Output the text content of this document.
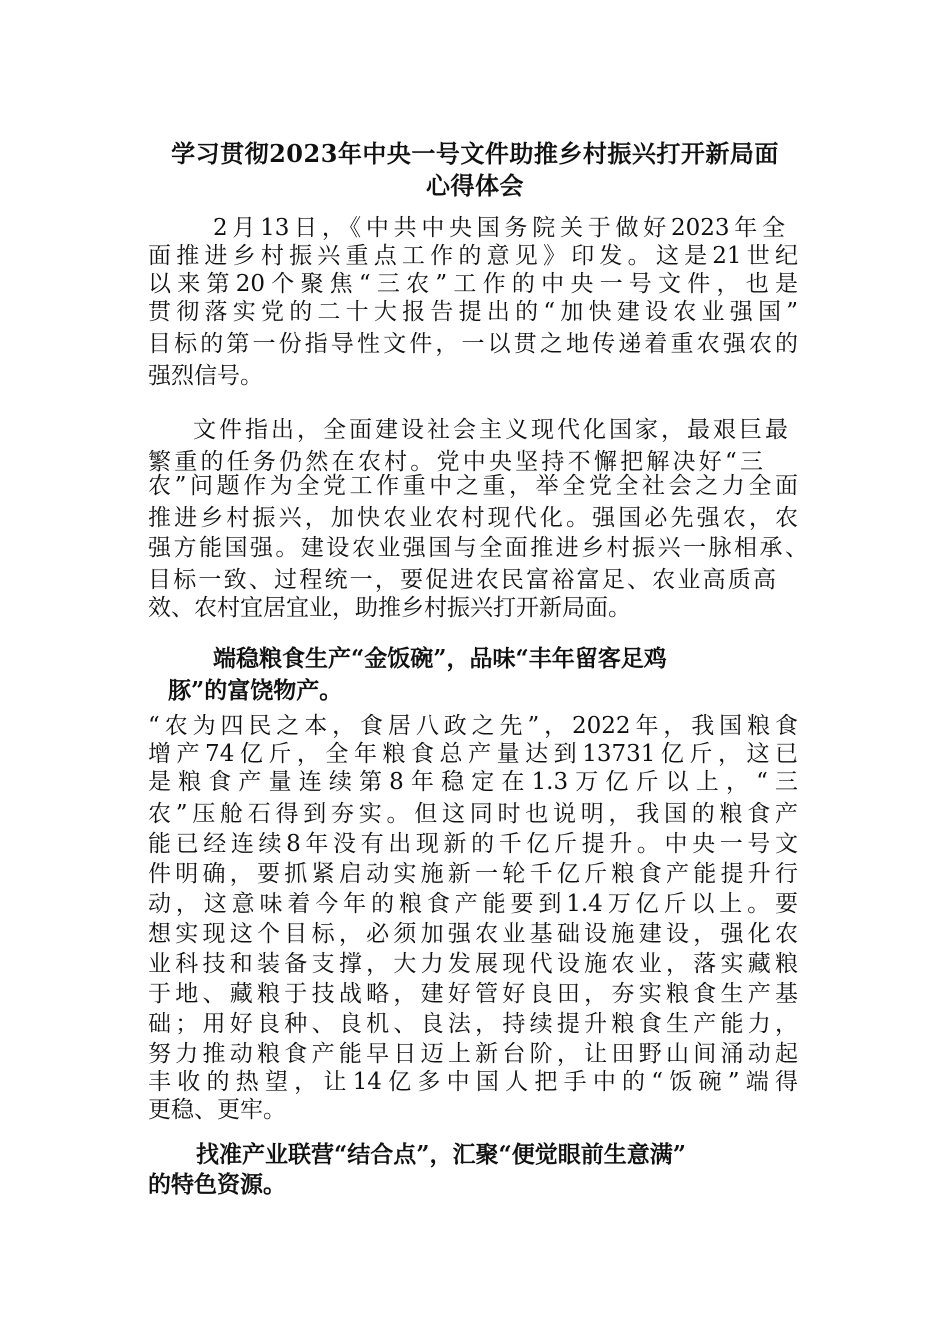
学习贯彻2023年中央一号文件助推乡村振兴打开新局面
心得体会

2月13日，《中共中央国务院关于做好2023年全

面推进乡村振兴重点工作的意见》印发。这是21世纪

以来第20个聚焦“三农”工作的中央一号文件，也是

贯彻落实党的二十大报告提出的“加快建设农业强国”

目标的第一份指导性文件，一以贯之地传递着重农强农的

强烈信号。

文件指出，全面建设社会主义现代化国家，最艰巨最

繁重的任务仍然在农村。党中央坚持不懈把解决好“三

农”问题作为全党工作重中之重，举全党全社会之力全面

推进乡村振兴，加快农业农村现代化。强国必先强农，农

强方能国强。建设农业强国与全面推进乡村振兴一脉相承、

目标一致、过程统一，要促进农民富裕富足、农业高质高

效、农村宜居宜业，助推乡村振兴打开新局面。

端稳粮食生产“金饭碗”，品味“丰年留客足鸡

豚”的富饶物产。

“农为四民之本，食居八政之先”，2022年，我国粮食

增产74亿斤，全年粮食总产量达到13731亿斤，这已

是粮食产量连续第8年稳定在1.3万亿斤以上，“三

农”压舱石得到夯实。但这同时也说明，我国的粮食产

能已经连续8年没有出现新的千亿斤提升。中央一号文

件明确，要抓紧启动实施新一轮千亿斤粮食产能提升行

动，这意味着今年的粮食产能要到1.4万亿斤以上。要

想实现这个目标，必须加强农业基础设施建设，强化农

业科技和装备支撑，大力发展现代设施农业，落实藏粮

于地、藏粮于技战略，建好管好良田，夯实粮食生产基

础；用好良种、良机、良法，持续提升粮食生产能力，

努力推动粮食产能早日迈上新台阶，让田野山间涌动起

丰收的热望，让14亿多中国人把手中的“饭碗”端得

更稳、更牢。

找准产业联营“结合点”，汇聚“便觉眼前生意满”

的特色资源。
